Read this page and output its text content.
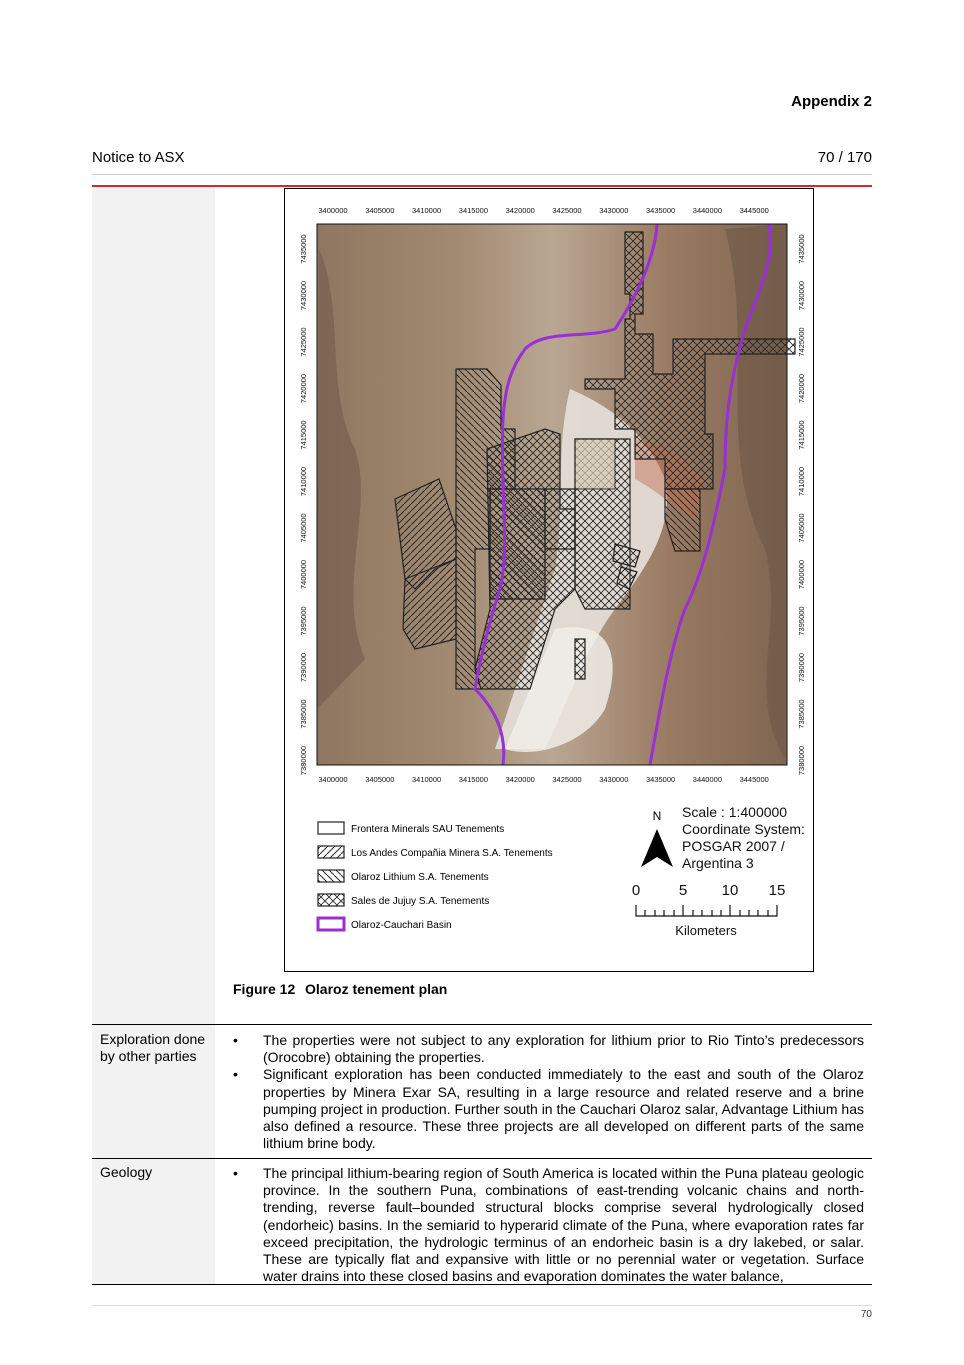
Appendix 2
Notice to ASX	70 / 170
3400000 3405000 3410000 3415000 3420000 3425000 3430000 3435000 3440000 3445000
3400000 3405000 3410000 3415000 3420000 3425000 3430000 3435000 3440000 3445000
7435000
7430000
7425000
7420000
7415000
7410000
7405000
7400000
7395000
7390000
7385000
7380000
7435000
7430000
7425000
7420000
7415000
7410000
7405000
7400000
7395000
7390000
7385000
7380000
Frontera Minerals SAU Tenements
Los Andes Compañia Minera S.A. Tenements
Olaroz Lithium S.A. Tenements
Sales de Jujuy S.A. Tenements
Olaroz-Cauchari Basin
N Scale : 1:400000
Coordinate System:
POSGAR 2007 /
Argentina 3
0	5 10 15
Kilometers
Figure 12 Olaroz tenement plan
Exploration done by other parties
• The properties were not subject to any exploration for lithium prior to Rio Tinto’s predecessors (Orocobre) obtaining the properties.
• Significant exploration has been conducted immediately to the east and south of the Olaroz properties by Minera Exar SA, resulting in a large resource and related reserve and a brine pumping project in production. Further south in the Cauchari Olaroz salar, Advantage Lithium has also defined a resource. These three projects are all developed on different parts of the same lithium brine body.
Geology
•	The principal lithium-bearing region of South America is located within the Puna plateau geologic province. In the southern Puna, combinations of east-trending volcanic chains and north-trending, reverse fault–bounded structural blocks comprise several hydrologically closed (endorheic) basins. In the semiarid to hyperarid climate of the Puna, where evaporation rates far exceed precipitation, the hydrologic terminus of an endorheic basin is a dry lakebed, or salar. These are typically flat and expansive with little or no perennial water or vegetation. Surface water drains into these closed basins and evaporation dominates the water balance,
70
